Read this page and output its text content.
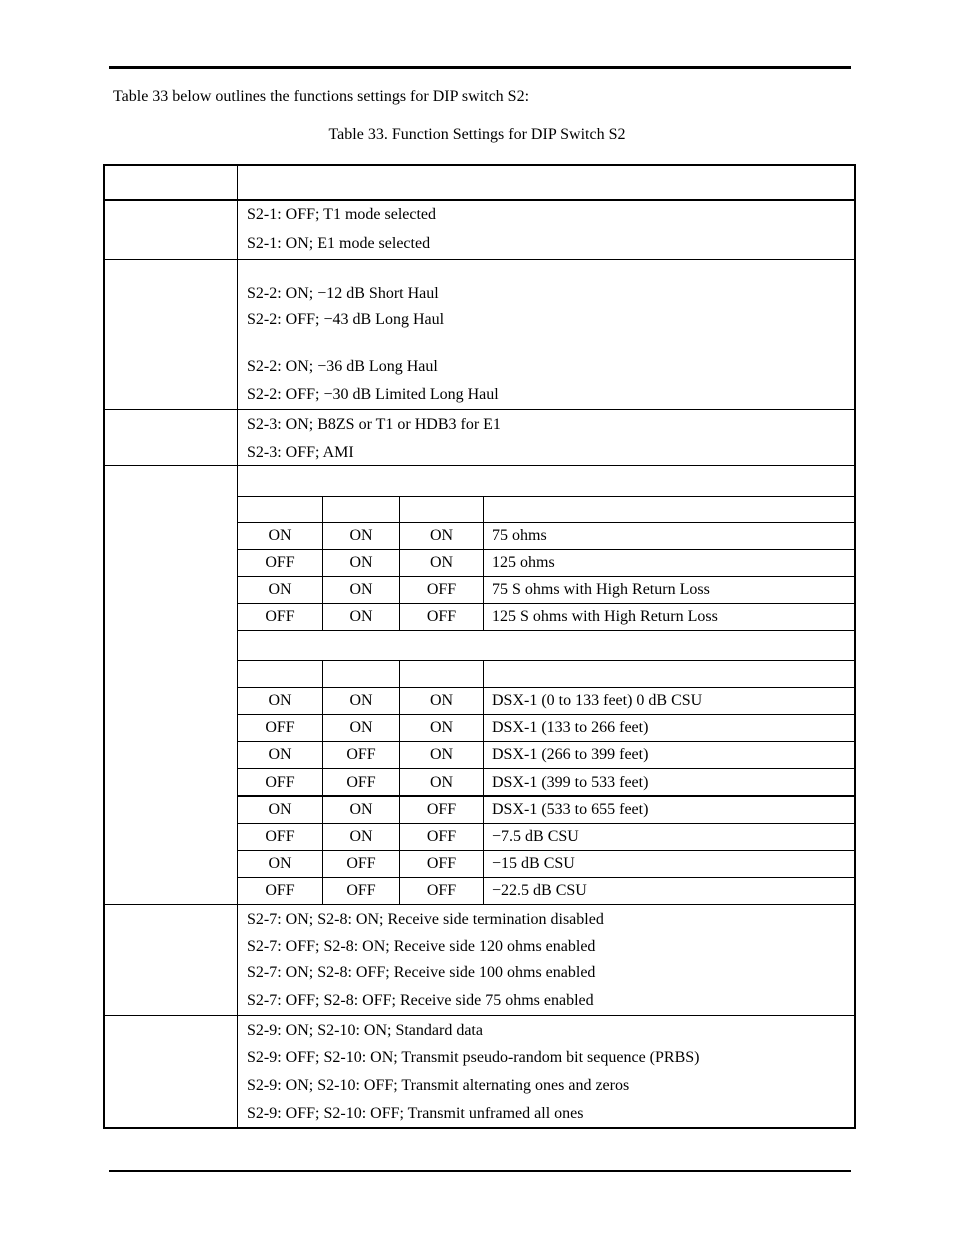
Table 33 below outlines the functions settings for DIP switch S2:
Table 33. Function Settings for DIP Switch S2
S2-1: OFF; T1 mode selected
S2-1: ON; E1 mode selected
S2-2: ON; −12 dB Short Haul
S2-2: OFF; −43 dB Long Haul
S2-2: ON; −36 dB Long Haul
S2-2: OFF; −30 dB Limited Long Haul
S2-3: ON; B8ZS or T1 or HDB3 for E1
S2-3: OFF; AMI
ON	ON	ON	75 ohms
OFF	ON	ON	125 ohms
ON	ON	OFF	75 S ohms with High Return Loss
OFF	ON	OFF	125 S ohms with High Return Loss
ON	ON	ON	DSX-1 (0 to 133 feet) 0 dB CSU
OFF	ON	ON	DSX-1 (133 to 266 feet)
ON	OFF	ON	DSX-1 (266 to 399 feet)
OFF	OFF	ON	DSX-1 (399 to 533 feet)
ON	ON	OFF	DSX-1 (533 to 655 feet)
OFF	ON	OFF	−7.5 dB CSU
ON	OFF	OFF	−15 dB CSU
OFF	OFF	OFF	−22.5 dB CSU
S2-7: ON; S2-8: ON; Receive side termination disabled
S2-7: OFF; S2-8: ON; Receive side 120 ohms enabled
S2-7: ON; S2-8: OFF; Receive side 100 ohms enabled
S2-7: OFF; S2-8: OFF; Receive side 75 ohms enabled
S2-9: ON; S2-10: ON; Standard data
S2-9: OFF; S2-10: ON; Transmit pseudo-random bit sequence (PRBS)
S2-9: ON; S2-10: OFF; Transmit alternating ones and zeros
S2-9: OFF; S2-10: OFF; Transmit unframed all ones
